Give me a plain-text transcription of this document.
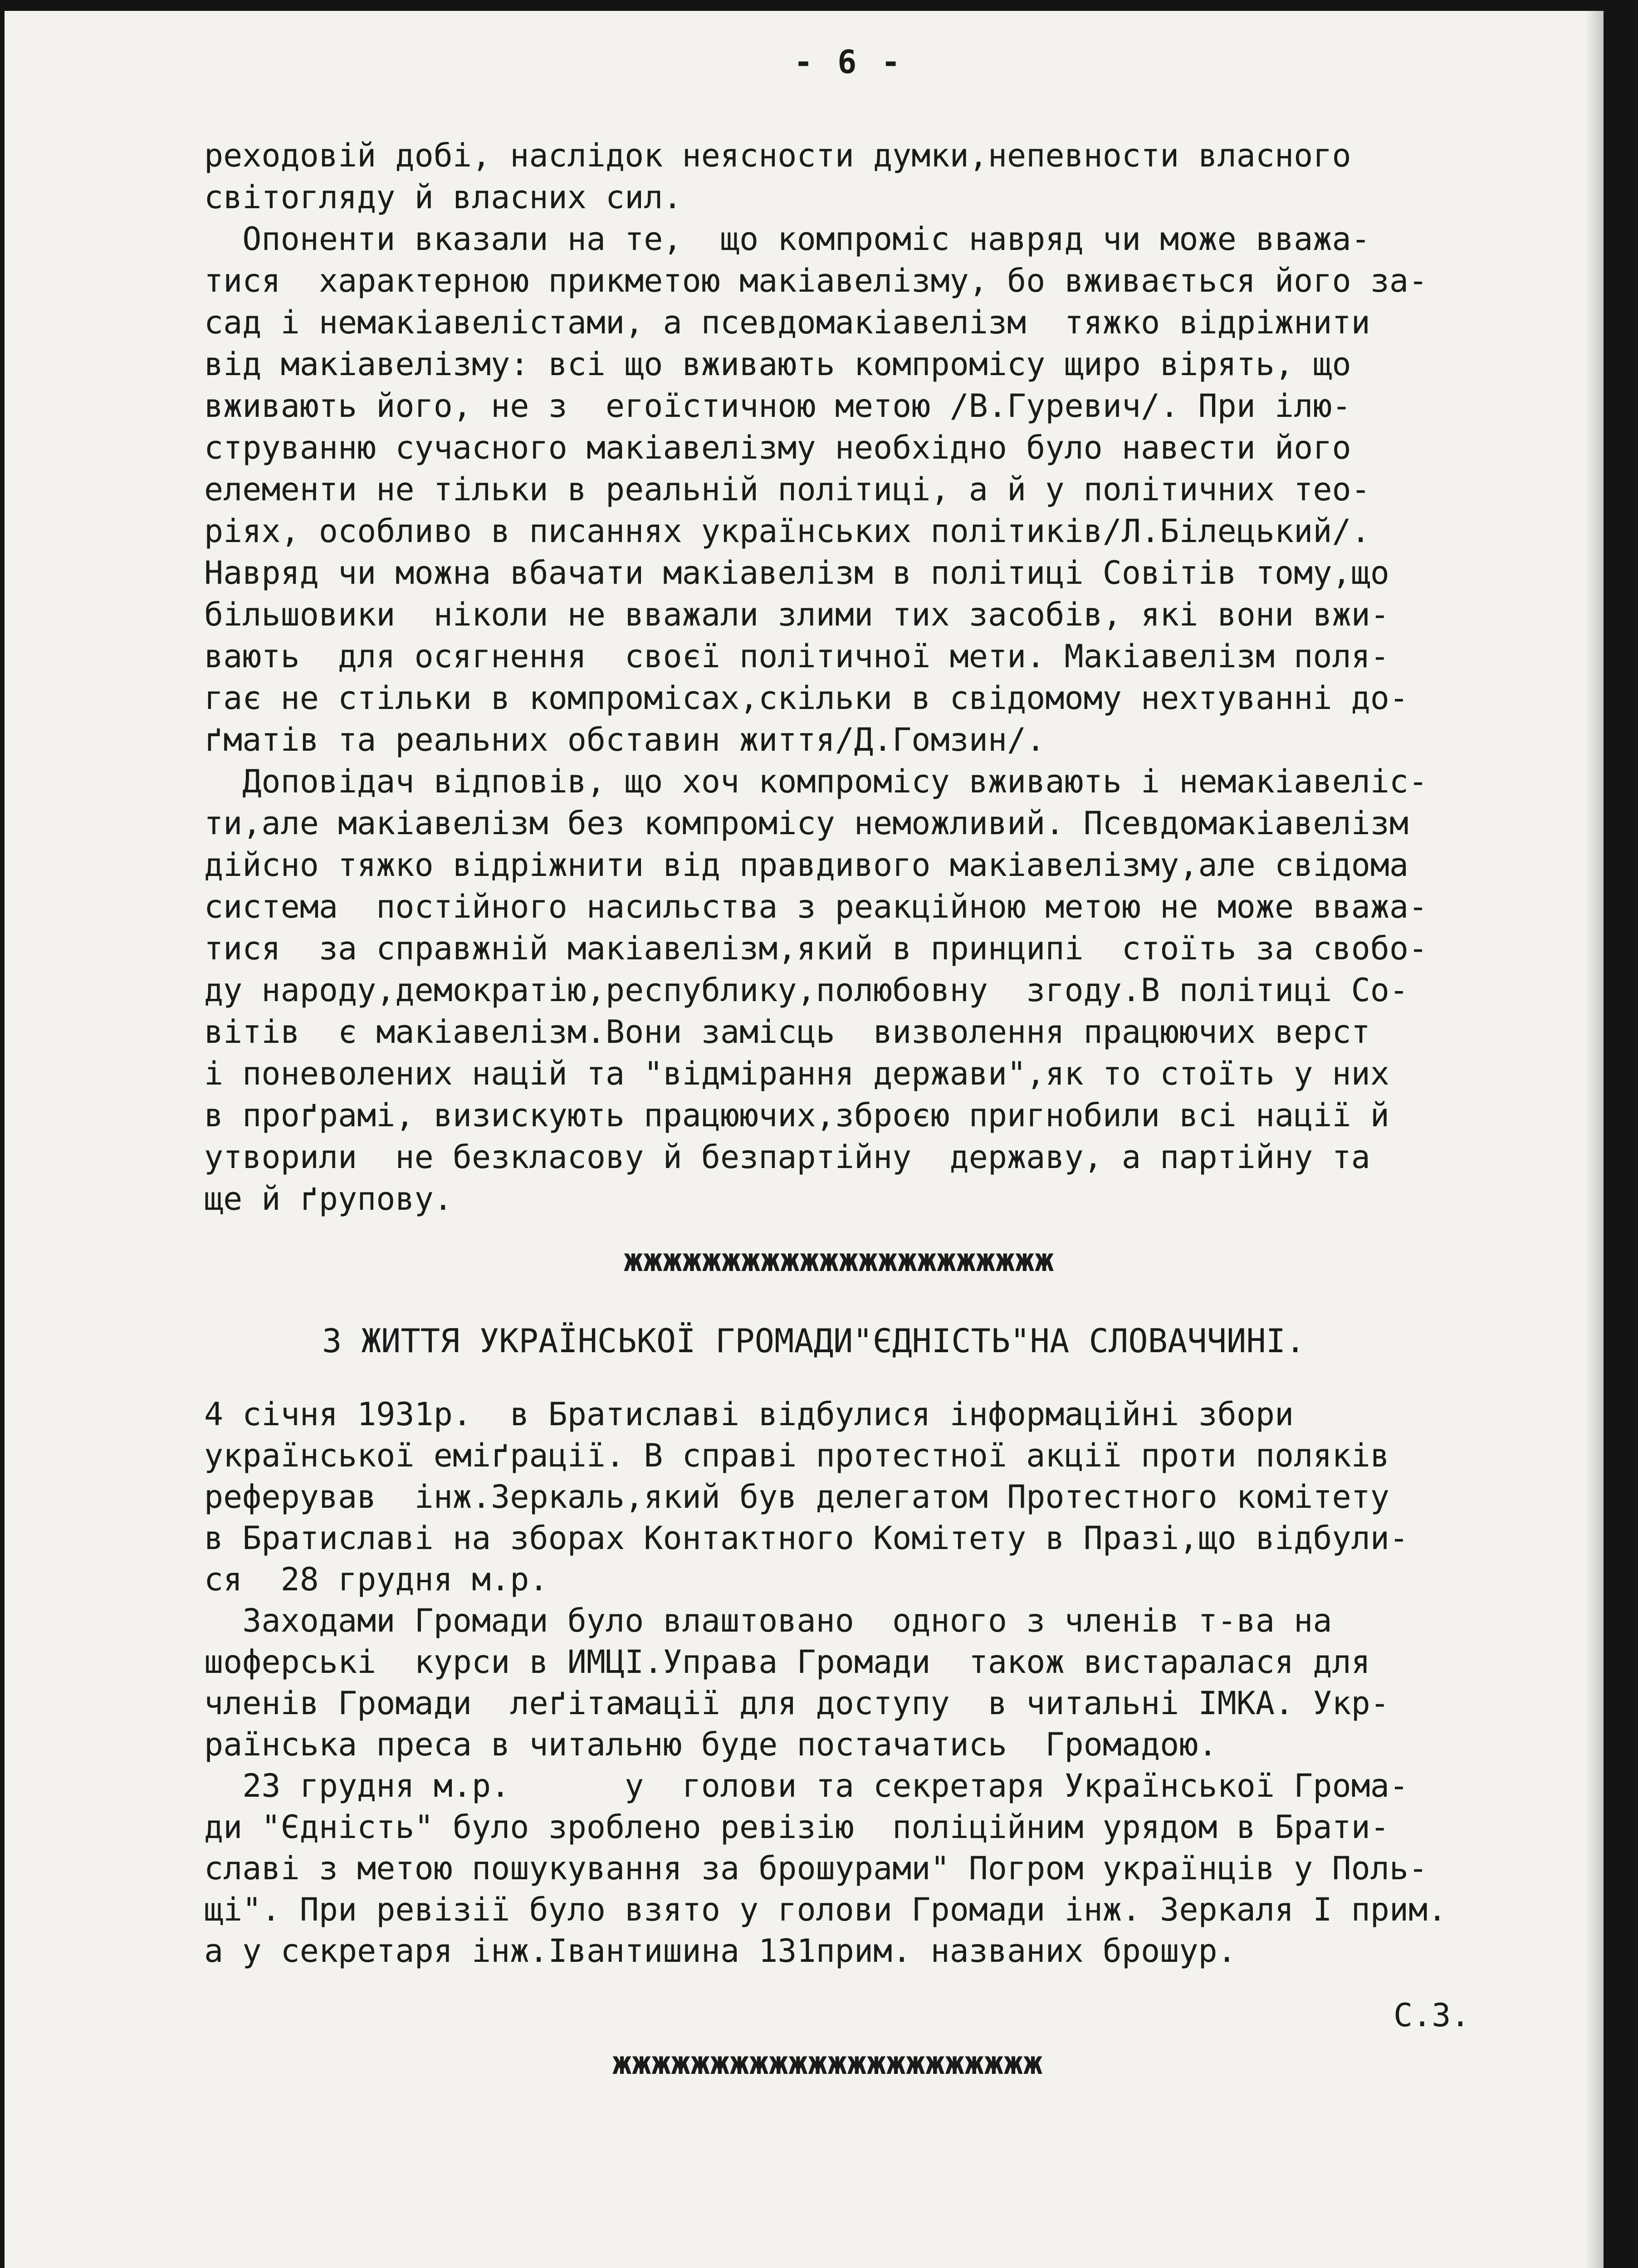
- 6 -
реходовій добі, наслідок неясности думки,непевности власного
світогляду й власних сил.
Опоненти вказали на те,  що компроміс навряд чи може вважа-
тися  характерною прикметою макіавелізму, бо вживається його за-
сад і немакіавелістами, а псевдомакіавелізм  тяжко відріжнити
від макіавелізму: всі що вживають компромісу щиро вірять, що
вживають його, не з  егоїстичною метою /В.Гуревич/. При ілю-
струванню сучасного макіавелізму необхідно було навести його
елементи не тільки в реальній політиці, а й у політичних тео-
ріях, особливо в писаннях українських політиків/Л.Білецький/.
Навряд чи можна вбачати макіавелізм в політиці Совітів тому,що
більшовики  ніколи не вважали злими тих засобів, які вони вжи-
вають  для осягнення  своєї політичної мети. Макіавелізм поля-
гає не стільки в компромісах,скільки в свідомому нехтуванні до-
ґматів та реальних обставин життя/Д.Гомзин/.
Доповідач відповів, що хоч компромісу вживають і немакіавеліс-
ти,але макіавелізм без компромісу неможливий. Псевдомакіавелізм
дійсно тяжко відріжнити від правдивого макіавелізму,але свідома
система  постійного насильства з реакційною метою не може вважа-
тися  за справжній макіавелізм,який в принципі  стоїть за свобо-
ду народу,демократію,республику,полюбовну  згоду.В політиці Со-
вітів  є макіавелізм.Вони замісць  визволення працюючих верст
і поневолених націй та "відмірання держави",як то стоїть у них
в проґрамі, визискують працюючих,зброєю пригнобили всі нації й
утворили  не безкласову й безпартійну  державу, а партійну та
ще й ґрупову.
жжжжжжжжжжжжжжжжжжжжжж
З ЖИТТЯ УКРАЇНСЬКОЇ ГРОМАДИ"ЄДНІСТЬ"НА СЛОВАЧЧИНІ.
4 січня 1931р.  в Братиславі відбулися інформаційні збори
української еміґрації. В справі протестної акції проти поляків
реферував  інж.Зеркаль,який був делегатом Протестного комітету
в Братиславі на зборах Контактного Комітету в Празі,що відбули-
ся  28 грудня м.р.
Заходами Громади було влаштовано  одного з членів т-ва на
шоферські  курси в ИМЦІ.Управа Громади  також вистаралася для
членів Громади  леґітамації для доступу  в читальні ІМКА. Укр-
раїнська преса в читальню буде постачатись  Громадою.
23 грудня м.р.      у  голови та секретаря Української Грома-
ди "Єдність" було зроблено ревізію  поліційним урядом в Брати-
славі з метою пошукування за брошурами" Погром українців у Поль-
щі". При ревізії було взято у голови Громади інж. Зеркаля I прим.
а у секретаря інж.Івантишина 131прим. названих брошур.
С.З.
жжжжжжжжжжжжжжжжжжжжжж
